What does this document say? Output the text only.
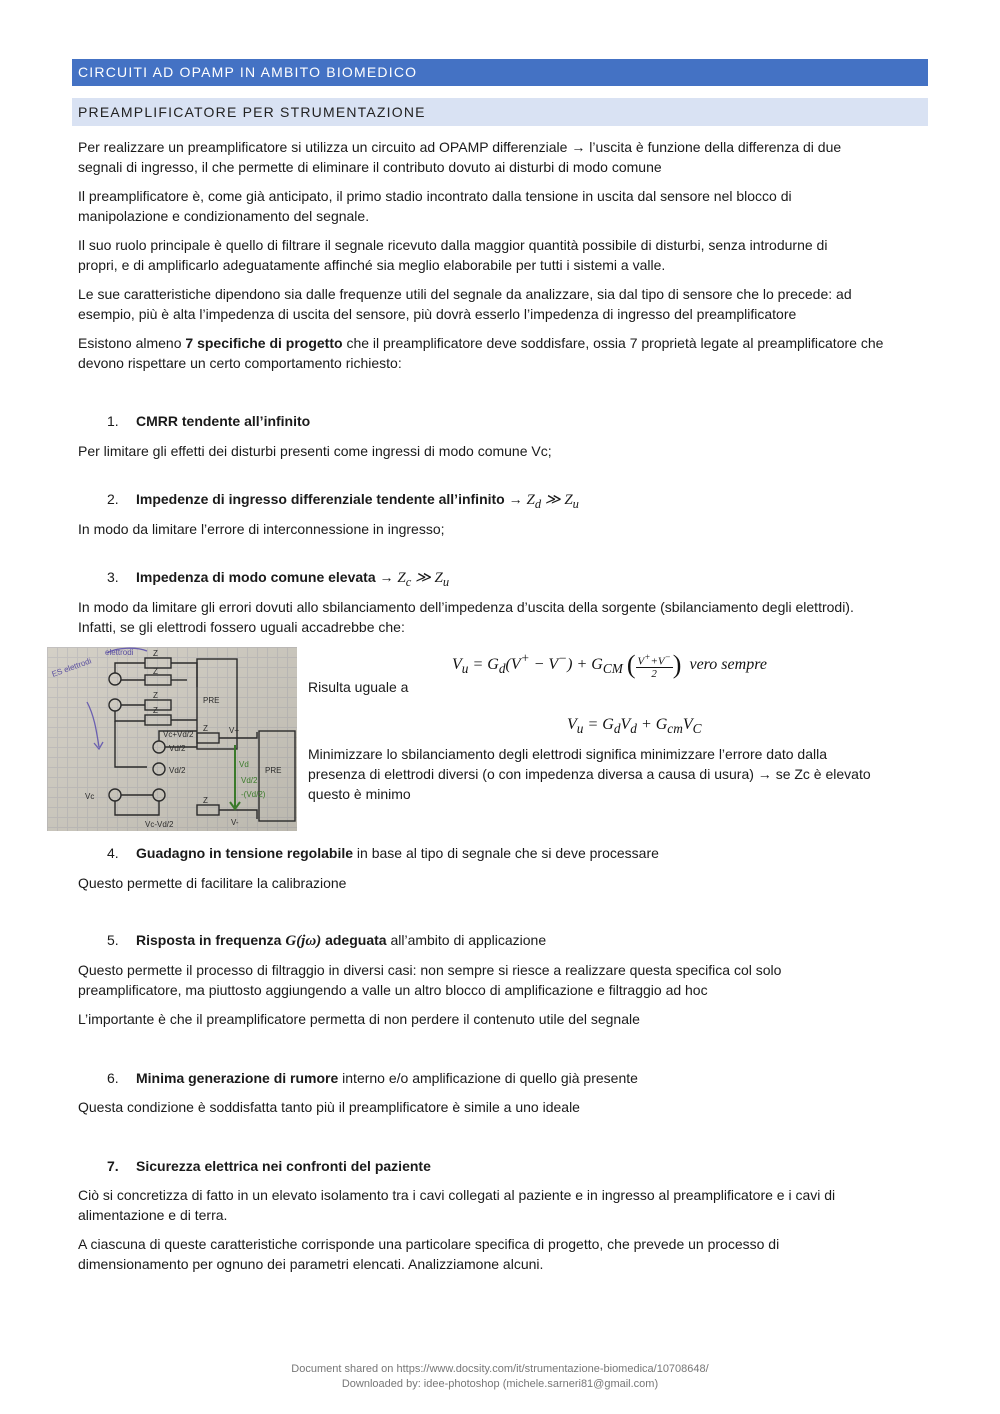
CIRCUITI AD OPAMP IN AMBITO BIOMEDICO
PREAMPLIFICATORE PER STRUMENTAZIONE
Per realizzare un preamplificatore si utilizza un circuito ad OPAMP differenziale → l’uscita è funzione della differenza di due
segnali di ingresso, il che permette di eliminare il contributo dovuto ai disturbi di modo comune
Il preamplificatore è, come già anticipato, il primo stadio incontrato dalla tensione in uscita dal sensore nel blocco di
manipolazione e condizionamento del segnale.
Il suo ruolo principale è quello di filtrare il segnale ricevuto dalla maggior quantità possibile di disturbi, senza introdurne di
propri, e di amplificarlo adeguatamente affinché sia meglio elaborabile per tutti i sistemi a valle.
Le sue caratteristiche dipendono sia dalle frequenze utili del segnale da analizzare, sia dal tipo di sensore che lo precede: ad
esempio, più è alta l’impedenza di uscita del sensore, più dovrà esserlo l’impedenza di ingresso del preamplificatore
Esistono almeno 7 specifiche di progetto che il preamplificatore deve soddisfare, ossia 7 proprietà legate al preamplificatore che
devono rispettare un certo comportamento richiesto:
1. CMRR tendente all’infinito
Per limitare gli effetti dei disturbi presenti come ingressi di modo comune Vc;
2. Impedenze di ingresso differenziale tendente all’infinito → $Z_d$ ≫ $Z_u$
In modo da limitare l’errore di interconnessione in ingresso;
3. Impedenza di modo comune elevata → $Z_c$ ≫ $Z_u$
In modo da limitare gli errori dovuti allo sbilanciamento dell’impedenza d’uscita della sorgente (sbilanciamento degli elettrodi).
Infatti, se gli elettrodi fossero uguali accadrebbe che:
elettrodi
ES elettrodi
Z
Z
Z
Z
PRE
PRE
Vc+Vd/2
Vd/2
Vd/2
V+
V-
Vc
Vc-Vd/2
Z
Z
Vd
Vd/2
-(Vd/2)
$V_u = G_d(V^+ - V^-) + G_{CM}$ ( $\frac{V^++V^-}{2}$ ) vero sempre
Risulta uguale a
$V_u = G_dV_d + G_{cm}V_C$
Minimizzare lo sbilanciamento degli elettrodi significa minimizzare l’errore dato dalla
presenza di elettrodi diversi (o con impedenza diversa a causa di usura) → se Zc è elevato
questo è minimo
4. Guadagno in tensione regolabile in base al tipo di segnale che si deve processare
Questo permette di facilitare la calibrazione
5. Risposta in frequenza G(jω) adeguata all’ambito di applicazione
Questo permette il processo di filtraggio in diversi casi: non sempre si riesce a realizzare questa specifica col solo
preamplificatore, ma piuttosto aggiungendo a valle un altro blocco di amplificazione e filtraggio ad hoc
L’importante è che il preamplificatore permetta di non perdere il contenuto utile del segnale
6. Minima generazione di rumore interno e/o amplificazione di quello già presente
Questa condizione è soddisfatta tanto più il preamplificatore è simile a uno ideale
7. Sicurezza elettrica nei confronti del paziente
Ciò si concretizza di fatto in un elevato isolamento tra i cavi collegati al paziente e in ingresso al preamplificatore e i cavi di
alimentazione e di terra.
A ciascuna di queste caratteristiche corrisponde una particolare specifica di progetto, che prevede un processo di
dimensionamento per ognuno dei parametri elencati. Analizziamone alcuni.
Document shared on https://www.docsity.com/it/strumentazione-biomedica/10708648/
Downloaded by: idee-photoshop (michele.sarneri81@gmail.com)
